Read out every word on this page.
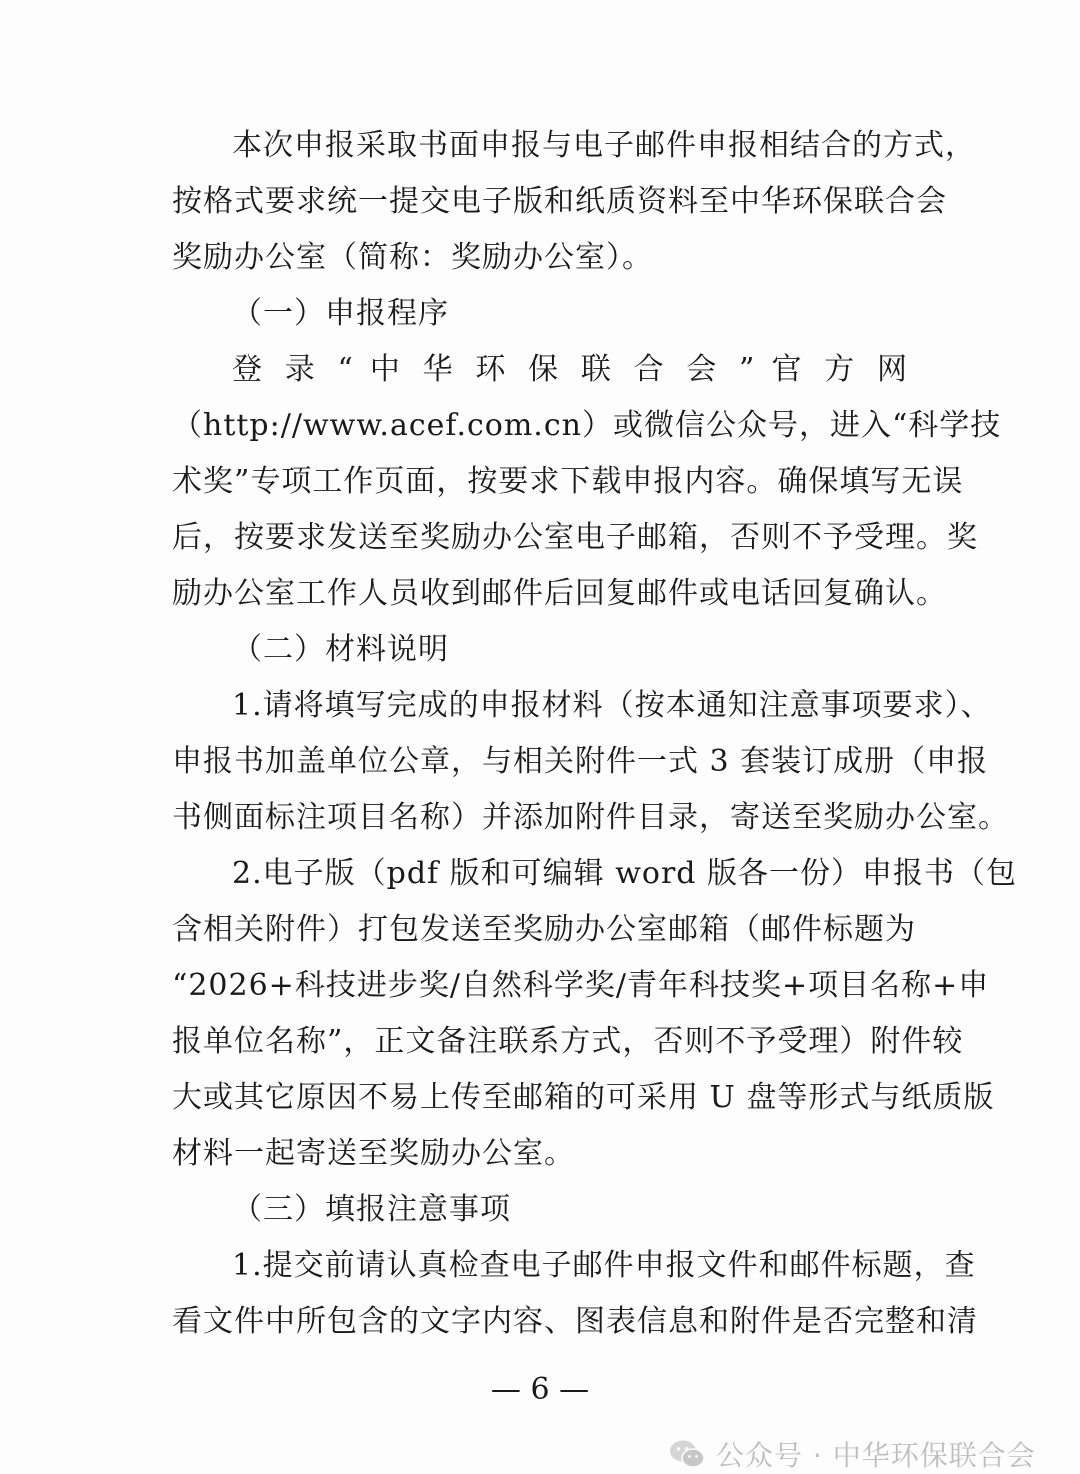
本次申报采取书面申报与电子邮件申报相结合的方式，
按格式要求统一提交电子版和纸质资料至中华环保联合会
奖励办公室（简称：奖励办公室）。
（一）申报程序
登 录 “ 中 华 环 保 联 合 会 ” 官 方 网
（http://www.acef.com.cn）或微信公众号，进入“科学技
术奖”专项工作页面，按要求下载申报内容。确保填写无误
后，按要求发送至奖励办公室电子邮箱，否则不予受理。奖
励办公室工作人员收到邮件后回复邮件或电话回复确认。
（二）材料说明
1.请将填写完成的申报材料（按本通知注意事项要求）、
申报书加盖单位公章，与相关附件一式 3 套装订成册（申报
书侧面标注项目名称）并添加附件目录，寄送至奖励办公室。
2.电子版（pdf 版和可编辑 word 版各一份）申报书（包
含相关附件）打包发送至奖励办公室邮箱（邮件标题为
“2026+科技进步奖/自然科学奖/青年科技奖+项目名称+申
报单位名称”，正文备注联系方式，否则不予受理）附件较
大或其它原因不易上传至邮箱的可采用 U 盘等形式与纸质版
材料一起寄送至奖励办公室。
（三）填报注意事项
1.提交前请认真检查电子邮件申报文件和邮件标题，查
看文件中所包含的文字内容、图表信息和附件是否完整和清
— 6 —
公众号 · 中华环保联合会
